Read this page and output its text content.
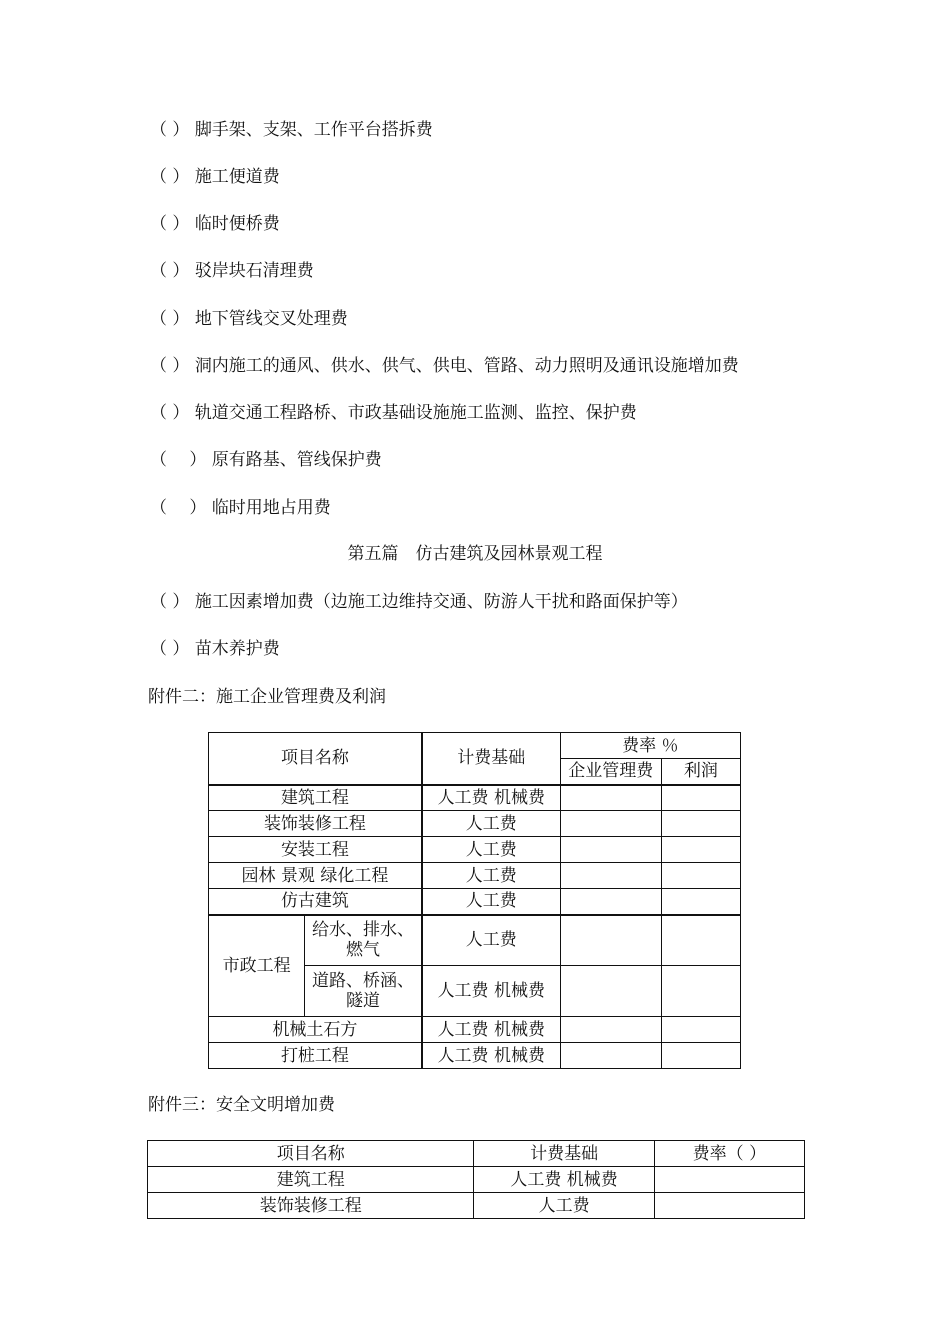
（ ） 脚手架、支架、工作平台搭拆费
（ ） 施工便道费
（ ） 临时便桥费
（ ） 驳岸块石清理费
（ ） 地下管线交叉处理费
（ ） 洞内施工的通风、供水、供气、供电、管路、动力照明及通讯设施增加费
（ ） 轨道交通工程路桥、市政基础设施施工监测、监控、保护费
（　 ） 原有路基、管线保护费
（　 ） 临时用地占用费
第五篇　仿古建筑及园林景观工程
（ ） 施工因素增加费（边施工边维持交通、防游人干扰和路面保护等）
（ ） 苗木养护费
附件二：施工企业管理费及利润
项目名称		计费基础	费率 ％	
			企业管理费	利润
建筑工程		人工费 机械费		
装饰装修工程		人工费		
安装工程		人工费		
园林 景观 绿化工程		人工费		
仿古建筑		人工费		
市政工程	给水、排水、燃气	人工费		
	道路、桥涵、隧道	人工费 机械费		
机械土石方		人工费 机械费		
打桩工程		人工费 机械费		
附件三：安全文明增加费
项目名称	计费基础	费率（ ）
建筑工程	人工费 机械费	
装饰装修工程	人工费	
